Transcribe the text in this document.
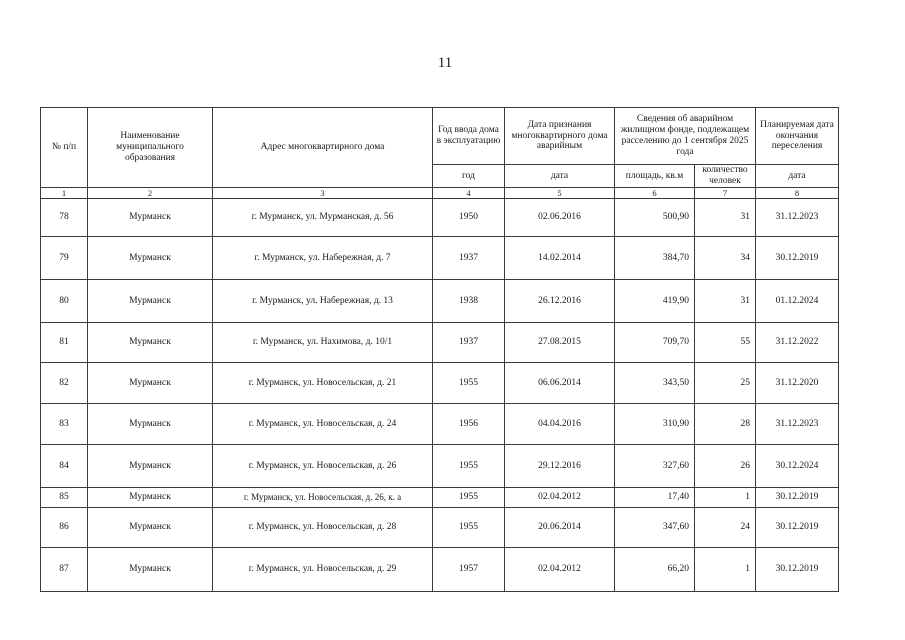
11
№ п/п	Наименование муниципального образования	Адрес многоквартирного дома	Год ввода дома в эксплуатацию	Дата признания многоквартирного дома аварийным	Сведения об аварийном жилищном фонде, подлежащем расселению до 1 сентября 2025 года		Планируемая дата окончания переселения
			год	дата	площадь, кв.м	количество человек	дата
1	2	3	4	5	6	7	8
78	Мурманск	г. Мурманск, ул. Мурманская, д. 56	1950	02.06.2016	500,90	31	31.12.2023
79	Мурманск	г. Мурманск, ул. Набережная, д. 7	1937	14.02.2014	384,70	34	30.12.2019
80	Мурманск	г. Мурманск, ул. Набережная, д. 13	1938	26.12.2016	419,90	31	01.12.2024
81	Мурманск	г. Мурманск, ул. Нахимова, д. 10/1	1937	27.08.2015	709,70	55	31.12.2022
82	Мурманск	г. Мурманск, ул. Новосельская, д. 21	1955	06.06.2014	343,50	25	31.12.2020
83	Мурманск	г. Мурманск, ул. Новосельская, д. 24	1956	04.04.2016	310,90	28	31.12.2023
84	Мурманск	г. Мурманск, ул. Новосельская, д. 26	1955	29.12.2016	327,60	26	30.12.2024
85	Мурманск	г. Мурманск, ул. Новосельская, д. 26, к. а	1955	02.04.2012	17,40	1	30.12.2019
86	Мурманск	г. Мурманск, ул. Новосельская, д. 28	1955	20.06.2014	347,60	24	30.12.2019
87	Мурманск	г. Мурманск, ул. Новосельская, д. 29	1957	02.04.2012	66,20	1	30.12.2019
